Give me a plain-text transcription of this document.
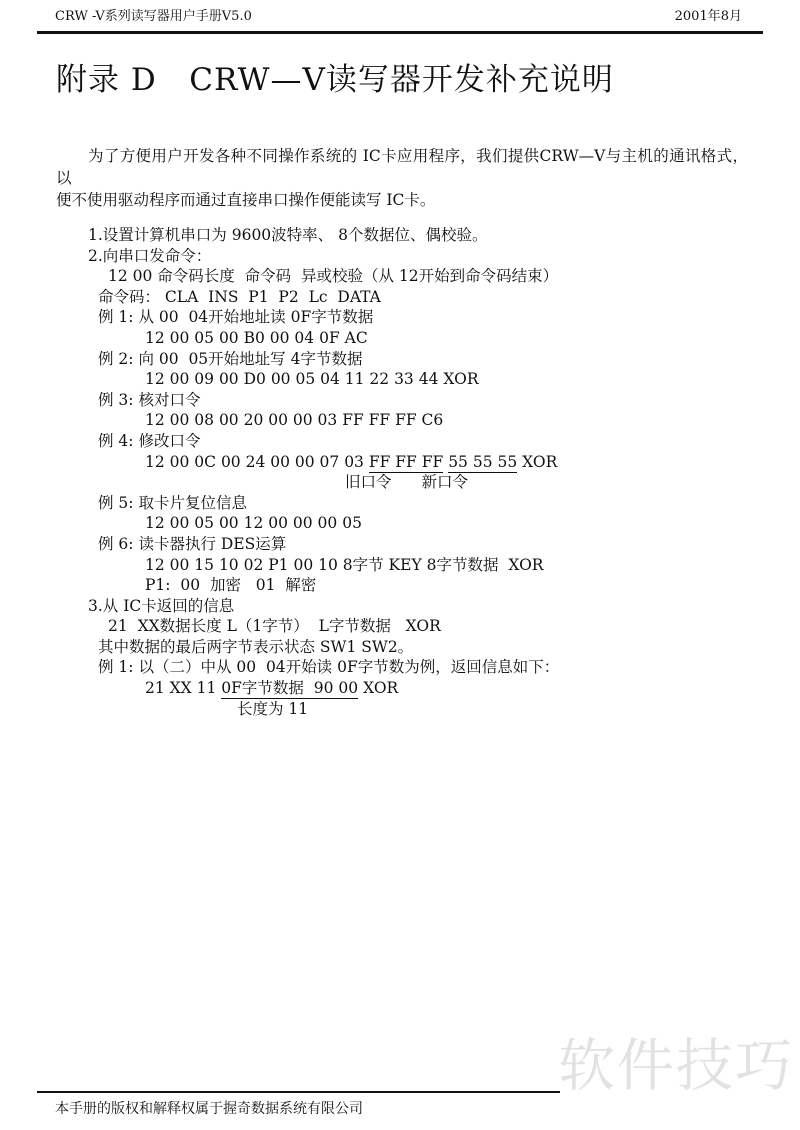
CRW -V系列读写器用户手册V5.0	2001年8月
附录 D   CRW—V读写器开发补充说明

为了方便用户开发各种不同操作系统的 IC卡应用程序，我们提供CRW—V与主机的通讯格式，以
便不使用驱动程序而通过直接串口操作便能读写 IC卡。

1.设置计算机串口为 9600波特率、 8个数据位、偶校验。
2.向串口发命令：
12 00 命令码长度  命令码  异或校验（从 12开始到命令码结束）
命令码： CLA  INS  P1  P2  Lc  DATA
例 1: 从 00  04开始地址读 0F字节数据
12 00 05 00 B0 00 04 0F AC
例 2: 向 00  05开始地址写 4字节数据
12 00 09 00 D0 00 05 04 11 22 33 44 XOR
例 3: 核对口令
12 00 08 00 20 00 00 03 FF FF FF C6
例 4: 修改口令
12 00 0C 00 24 00 00 07 03 FF FF FF 55 55 55 XOR
旧口令 新口令
例 5: 取卡片复位信息
12 00 05 00 12 00 00 00 05
例 6: 读卡器执行 DES运算
12 00 15 10 02 P1 00 10 8字节 KEY 8字节数据  XOR
P1:  00  加密   01  解密
3.从 IC卡返回的信息
21  XX数据长度 L（1字节）  L字节数据   XOR
其中数据的最后两字节表示状态 SW1 SW2。
例 1: 以（二）中从 00  04开始读 0F字节数为例，返回信息如下：
21 XX 11 0F字节数据  90 00 XOR
长度为 11
软件技巧
本手册的版权和解释权属于握奇数据系统有限公司
